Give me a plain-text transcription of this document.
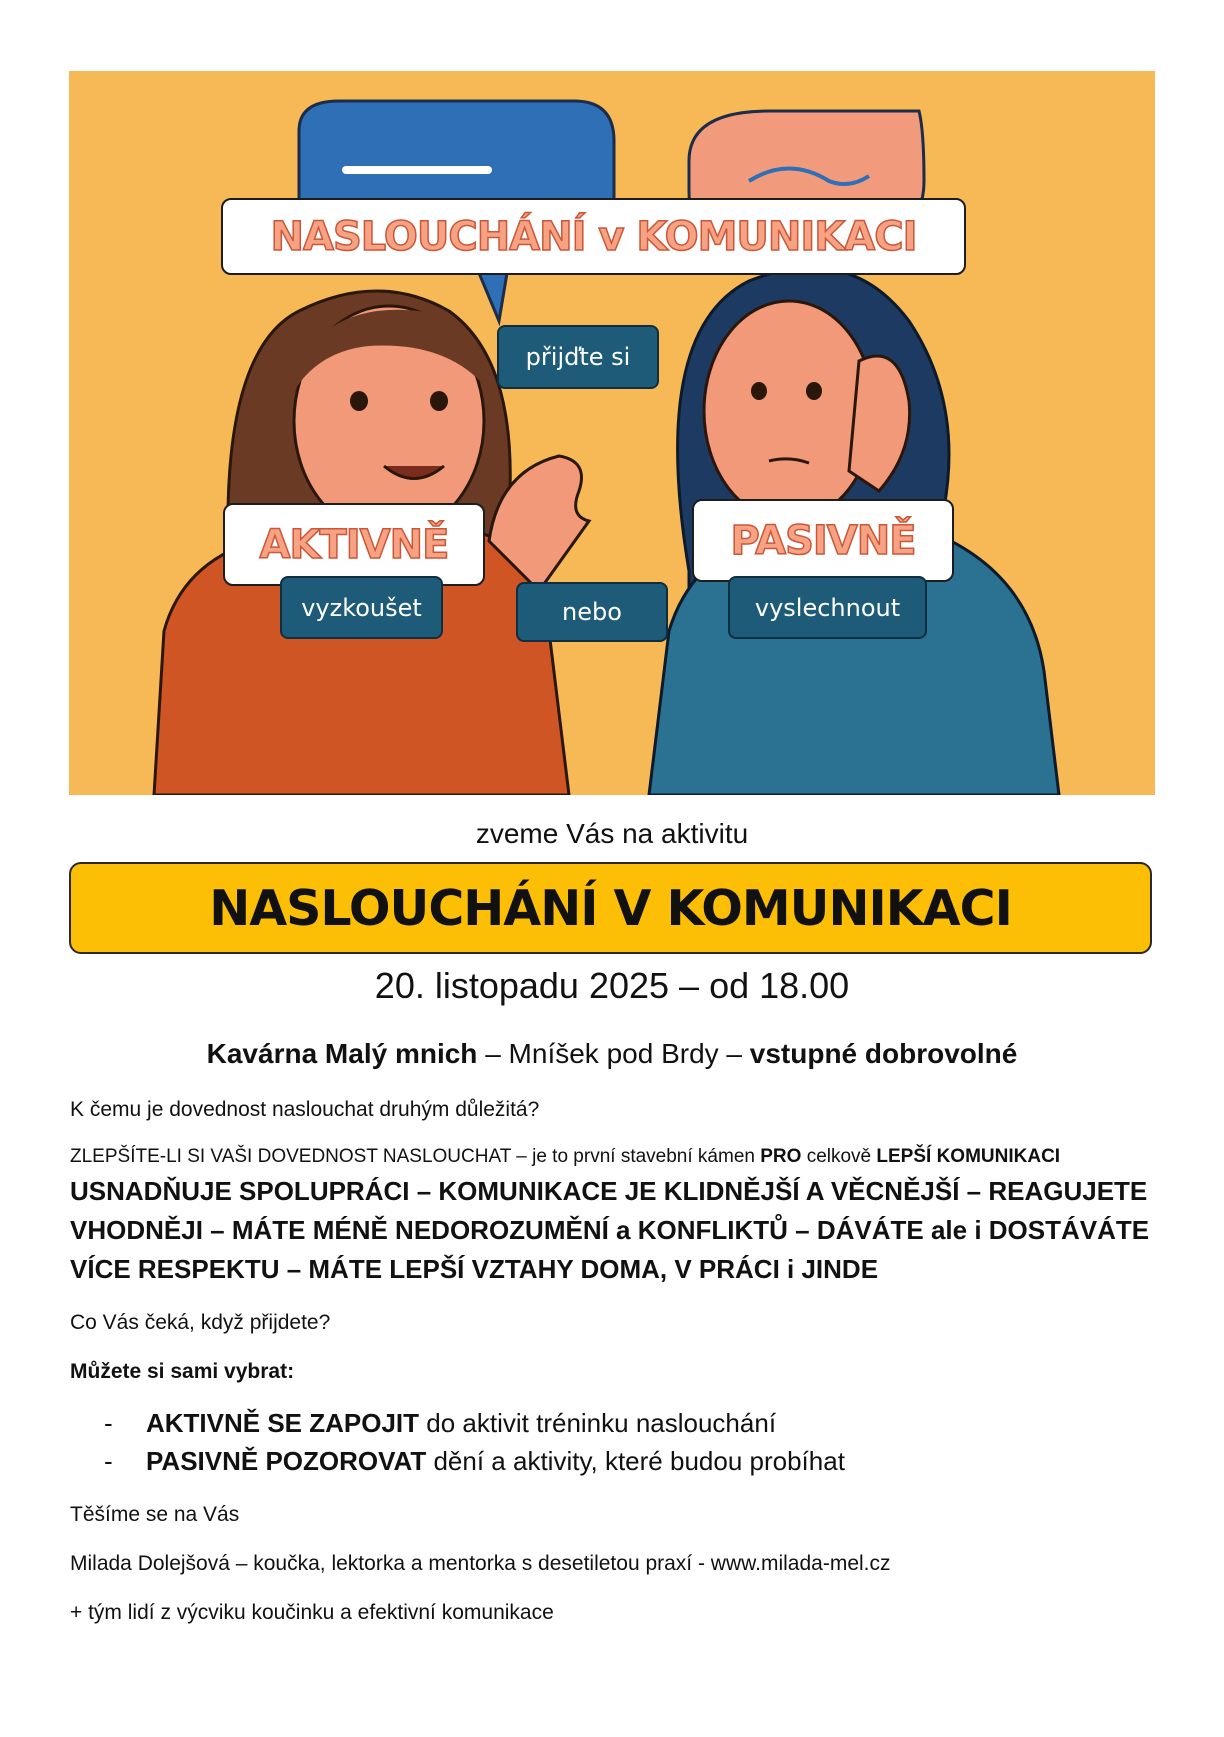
NASLOUCHÁNÍ v KOMUNIKACI
přijďte si
AKTIVNĚ	PASIVNĚ
vyzkoušet	nebo	vyslechnout
zveme Vás na aktivitu
NASLOUCHÁNÍ V KOMUNIKACI
20. listopadu 2025 – od 18.00
Kavárna Malý mnich – Mníšek pod Brdy – vstupné dobrovolné
K čemu je dovednost naslouchat druhým důležitá?
ZLEPŠÍTE-LI SI VAŠI DOVEDNOST NASLOUCHAT – je to první stavební kámen PRO celkově LEPŠÍ KOMUNIKACI
USNADŇUJE SPOLUPRÁCI – KOMUNIKACE JE KLIDNĚJŠÍ A VĚCNĚJŠÍ – REAGUJETE VHODNĚJI – MÁTE MÉNĚ NEDOROZUMĚNÍ a KONFLIKTŮ – DÁVÁTE ale i DOSTÁVÁTE VÍCE RESPEKTU – MÁTE LEPŠÍ VZTAHY DOMA, V PRÁCI i JINDE
Co Vás čeká, když přijdete?
Můžete si sami vybrat:
- AKTIVNĚ SE ZAPOJIT do aktivit tréninku naslouchání
- PASIVNĚ POZOROVAT dění a aktivity, které budou probíhat
Těšíme se na Vás
Milada Dolejšová – koučka, lektorka a mentorka s desetiletou praxí - www.milada-mel.cz
+ tým lidí z výcviku koučinku a efektivní komunikace
